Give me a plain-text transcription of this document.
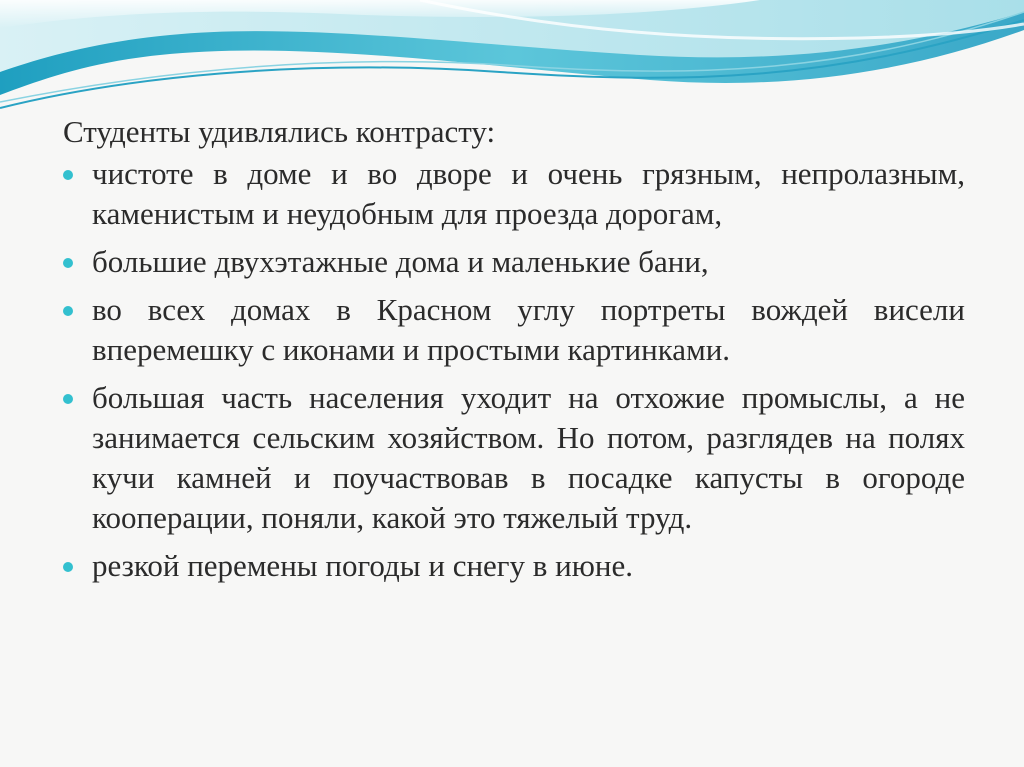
Студенты удивлялись контрасту:
чистоте в доме и во дворе и очень грязным, непролазным, каменистым и неудобным для проезда дорогам,
большие двухэтажные дома и маленькие бани,
во всех домах в Красном углу портреты вождей висели вперемешку с иконами и простыми картинками.
большая часть населения уходит на отхожие промыслы, а не занимается сельским хозяйством. Но потом, разглядев на полях кучи камней и поучаствовав в посадке капусты в огороде кооперации, поняли, какой это тяжелый труд.
резкой перемены погоды и снегу в июне.
